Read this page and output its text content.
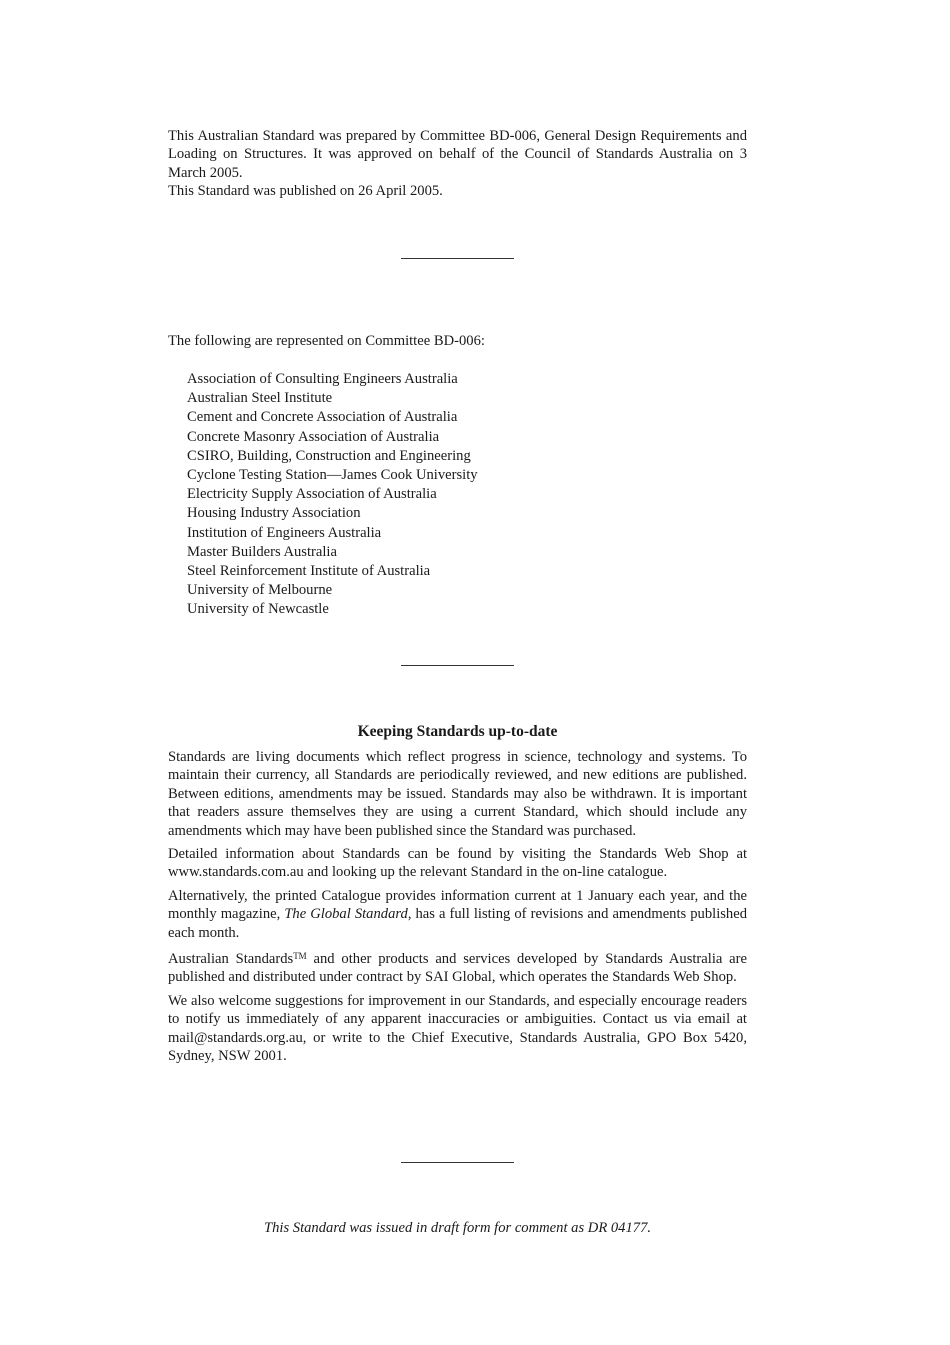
This Australian Standard was prepared by Committee BD-006, General Design Requirements and Loading on Structures. It was approved on behalf of the Council of Standards Australia on 3 March 2005.

This Standard was published on 26 April 2005.

The following are represented on Committee BD-006:
Association of Consulting Engineers Australia
Australian Steel Institute
Cement and Concrete Association of Australia
Concrete Masonry Association of Australia
CSIRO, Building, Construction and Engineering
Cyclone Testing Station—James Cook University
Electricity Supply Association of Australia
Housing Industry Association
Institution of Engineers Australia
Master Builders Australia
Steel Reinforcement Institute of Australia
University of Melbourne
University of Newcastle
Keeping Standards up-to-date

Standards are living documents which reflect progress in science, technology and systems. To maintain their currency, all Standards are periodically reviewed, and new editions are published. Between editions, amendments may be issued. Standards may also be withdrawn. It is important that readers assure themselves they are using a current Standard, which should include any amendments which may have been published since the Standard was purchased.

Detailed information about Standards can be found by visiting the Standards Web Shop at www.standards.com.au and looking up the relevant Standard in the on-line catalogue.

Alternatively, the printed Catalogue provides information current at 1 January each year, and the monthly magazine, The Global Standard, has a full listing of revisions and amendments published each month.

Australian Standards™ and other products and services developed by Standards Australia are published and distributed under contract by SAI Global, which operates the Standards Web Shop.

We also welcome suggestions for improvement in our Standards, and especially encourage readers to notify us immediately of any apparent inaccuracies or ambiguities. Contact us via email at mail@standards.org.au, or write to the Chief Executive, Standards Australia, GPO Box 5420, Sydney, NSW 2001.

This Standard was issued in draft form for comment as DR 04177.
